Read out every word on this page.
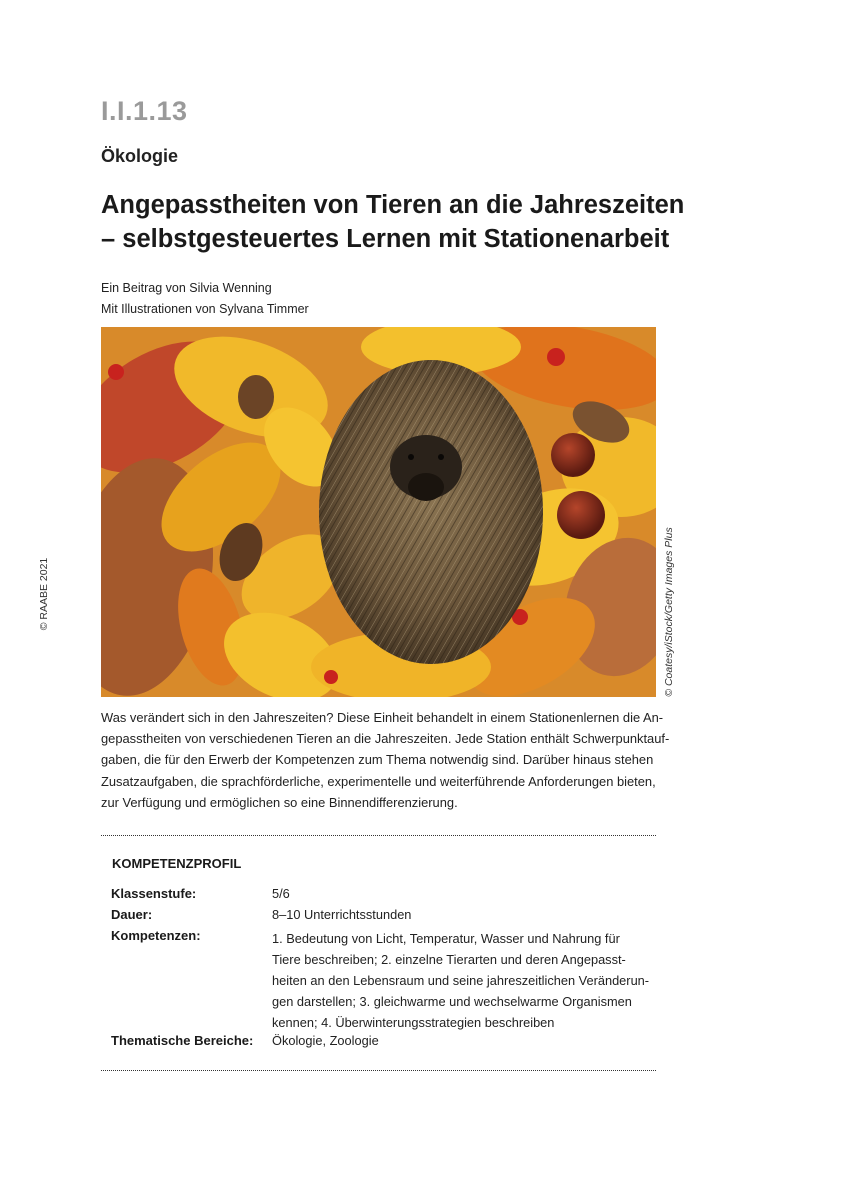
I.I.1.13
Ökologie
Angepasstheiten von Tieren an die Jahreszeiten
– selbstgesteuertes Lernen mit Stationenarbeit
Ein Beitrag von Silvia Wenning
Mit Illustrationen von Sylvana Timmer
© RAABE 2021	© Coatesy/iStock/Getty Images Plus
Was verändert sich in den Jahreszeiten? Diese Einheit behandelt in einem Stationenlernen die An-
gepasstheiten von verschiedenen Tieren an die Jahreszeiten. Jede Station enthält Schwerpunktauf-
gaben, die für den Erwerb der Kompetenzen zum Thema notwendig sind. Darüber hinaus stehen
Zusatzaufgaben, die sprachförderliche, experimentelle und weiterführende Anforderungen bieten,
zur Verfügung und ermöglichen so eine Binnendifferenzierung.
KOMPETENZPROFIL
Klassenstufe:	5/6
Dauer:	8–10 Unterrichtsstunden
Kompetenzen:	1. Bedeutung von Licht, Temperatur, Wasser und Nahrung für
Tiere beschreiben; 2. einzelne Tierarten und deren Angepasst-
heiten an den Lebensraum und seine jahreszeitlichen Veränderun-
gen darstellen; 3. gleichwarme und wechselwarme Organismen
kennen; 4. Überwinterungsstrategien beschreiben
Thematische Bereiche: Ökologie, Zoologie
